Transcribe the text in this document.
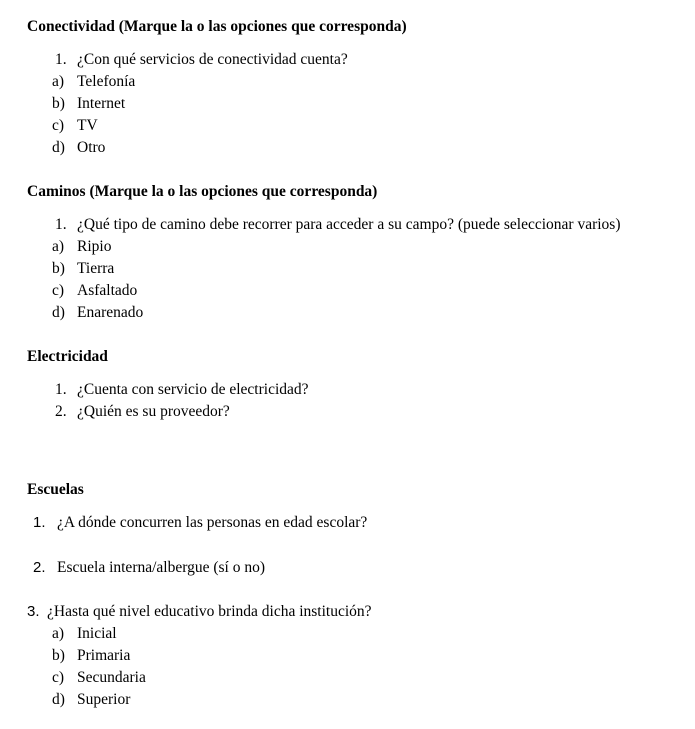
Conectividad (Marque la o las opciones que corresponda)
1. ¿Con qué servicios de conectividad cuenta?
a) Telefonía
b) Internet
c) TV
d) Otro
Caminos (Marque la o las opciones que corresponda)
1. ¿Qué tipo de camino debe recorrer para acceder a su campo? (puede seleccionar varios)
a) Ripio
b) Tierra
c) Asfaltado
d) Enarenado
Electricidad
1. ¿Cuenta con servicio de electricidad?
2. ¿Quién es su proveedor?
Escuelas
1. ¿A dónde concurren las personas en edad escolar?
2. Escuela interna/albergue (sí o no)
3. ¿Hasta qué nivel educativo brinda dicha institución?
a) Inicial
b) Primaria
c) Secundaria
d) Superior
